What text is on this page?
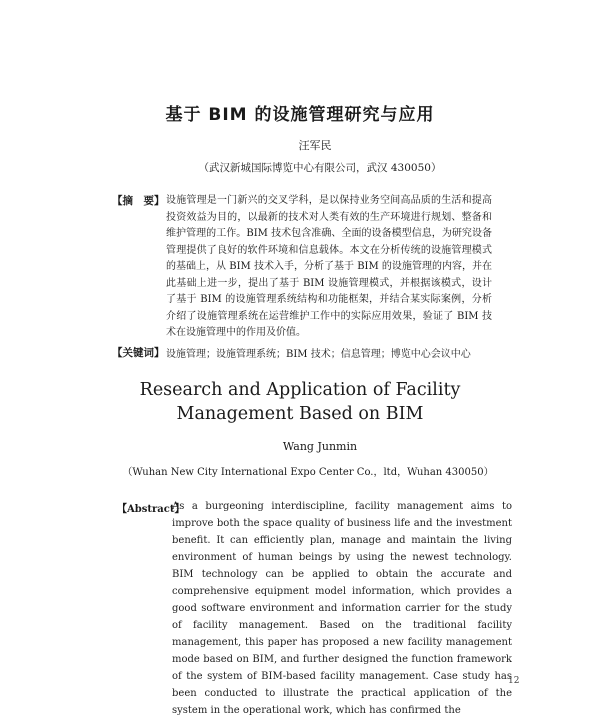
基于 BIM 的设施管理研究与应用
汪军民
（武汉新城国际博览中心有限公司，武汉 430050）
【摘　要】 设施管理是一门新兴的交叉学科，是以保持业务空间高品质的生活和提高投资效益为目的，以最新的技术对人类有效的生产环境进行规划、整备和维护管理的工作。BIM 技术包含准确、全面的设备模型信息，为研究设备管理提供了良好的软件环境和信息载体。本文在分析传统的设施管理模式的基础上，从 BIM 技术入手，分析了基于 BIM 的设施管理的内容，并在此基础上进一步，提出了基于 BIM 设施管理模式，并根据该模式，设计了基于 BIM 的设施管理系统结构和功能框架，并结合某实际案例，分析介绍了设施管理系统在运营维护工作中的实际应用效果，验证了 BIM 技术在设施管理中的作用及价值。
【关键词】 设施管理；设施管理系统；BIM 技术；信息管理；博览中心会议中心
Research and Application of Facility
Management Based on BIM
Wang Junmin
（Wuhan New City International Expo Center Co.，ltd，Wuhan 430050）
【Abstract】
As a burgeoning interdiscipline, facility management aims to improve both the space quality of business life and the investment benefit. It can efficiently plan, manage and maintain the living environment of human beings by using the newest technology. BIM technology can be applied to obtain the accurate and comprehensive equipment model information, which provides a good software environment and information carrier for the study of facility management. Based on the traditional facility management, this paper has proposed a new facility management mode based on BIM, and further designed the function framework of the system of BIM-based facility management. Case study has been conducted to illustrate the practical application of the system in the operational work, which has confirmed the
12
